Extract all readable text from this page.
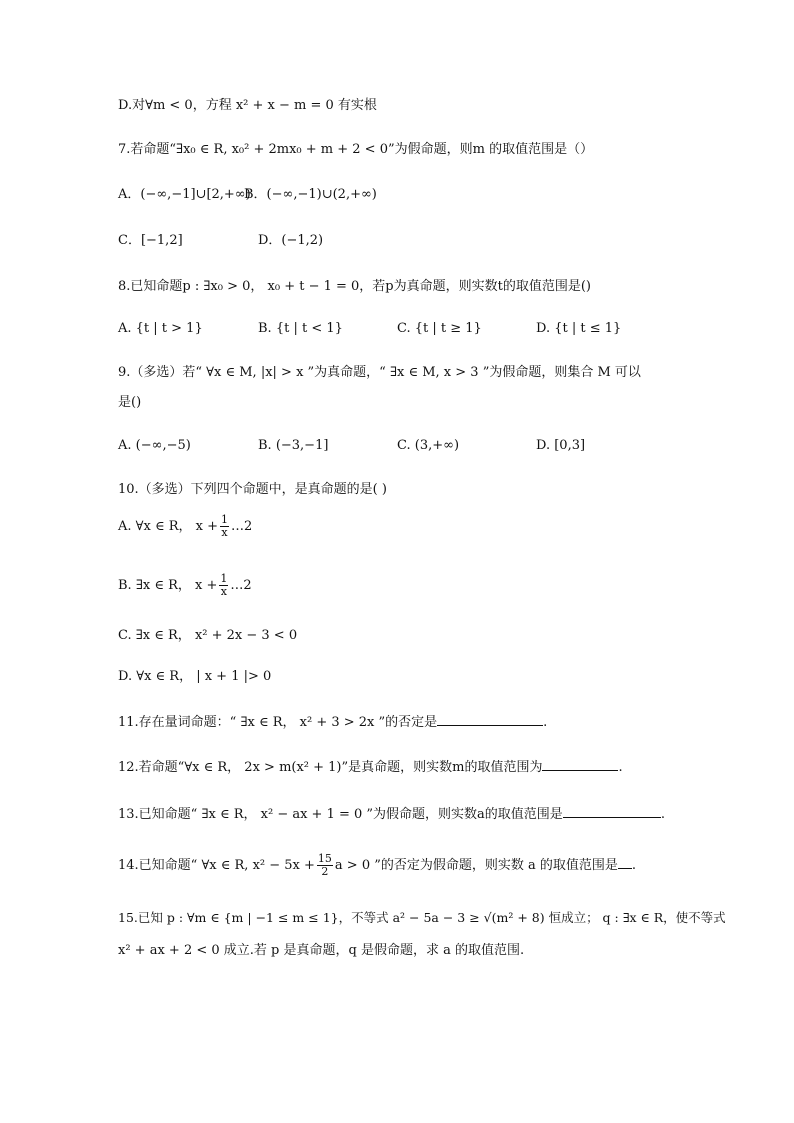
D.对∀m < 0，方程 x² + x − m = 0 有实根
7.若命题“∃x₀ ∈ R, x₀² + 2mx₀ + m + 2 < 0”为假命题，则m 的取值范围是（）
A．(−∞,−1]∪[2,+∞)
B．(−∞,−1)∪(2,+∞)
C．[−1,2]	D．(−1,2)
8.已知命题p : ∃x₀ > 0， x₀ + t − 1 = 0，若p为真命题，则实数t的取值范围是()
A. {t | t > 1}	B. {t | t < 1}	C. {t | t ≥ 1}	D. {t | t ≤ 1}
9.（多选）若“ ∀x ∈ M, |x| > x ”为真命题，“ ∃x ∈ M, x > 3 ”为假命题，则集合 M 可以
是()
A. (−∞,−5)	B. (−3,−1]	C. (3,+∞)	D. [0,3]
10.（多选）下列四个命题中，是真命题的是( )
A. ∀x ∈ R， $x + \frac{1}{x}$ …2
B. ∃x ∈ R， $x + \frac{1}{x}$ …2
C. ∃x ∈ R， x² + 2x − 3 < 0
D. ∀x ∈ R， | x + 1 |> 0
11.存在量词命题：“ ∃x ∈ R， x² + 3 > 2x ”的否定是	.
12.若命题“∀x ∈ R， 2x > m(x² + 1)”是真命题，则实数m的取值范围为	.
13.已知命题“ ∃x ∈ R， x² − ax + 1 = 0 ”为假命题，则实数a的取值范围是	.
14.已知命题“ ∀x ∈ R, $x^2 - 5x + \frac{15}{2}$ a > 0 ”的否定为假命题，则实数 a 的取值范围是 .
15.已知 p : ∀m ∈ {m | −1 ≤ m ≤ 1}，不等式 a² − 5a − 3 ≥ √(m² + 8) 恒成立； q : ∃x ∈ R，使不等式
x² + ax + 2 < 0 成立.若 p 是真命题，q 是假命题，求 a 的取值范围.
